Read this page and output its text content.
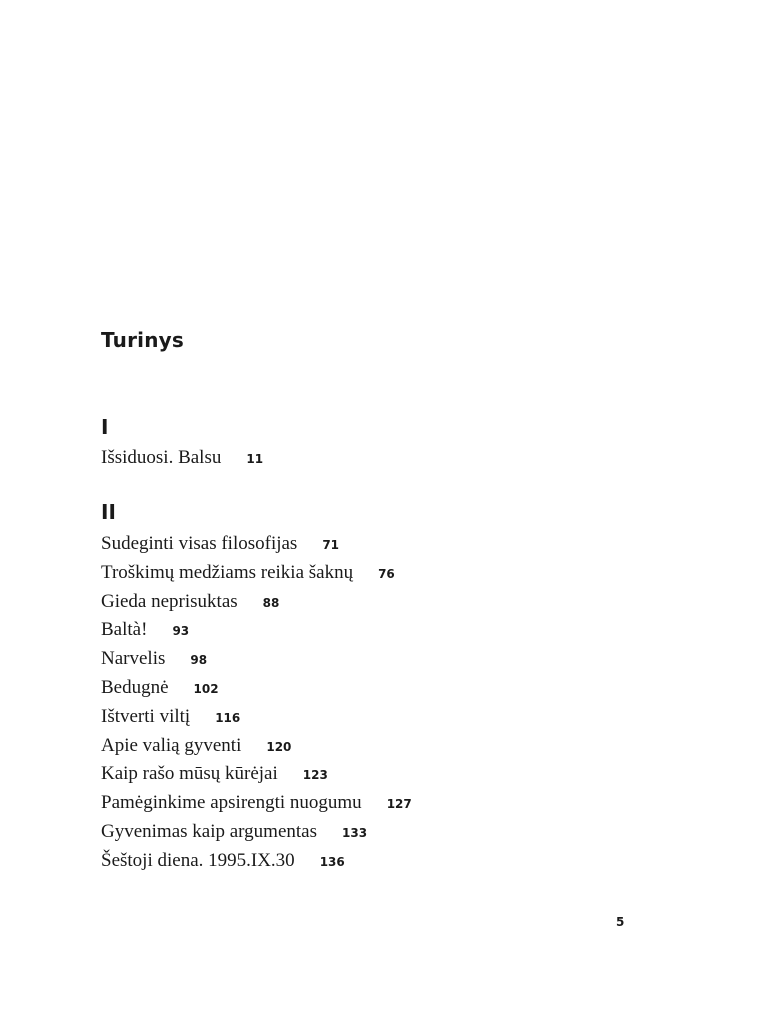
Turinys
I
Išsiduosi. Balsu 11
II
Sudeginti visas filosofijas 71
Troškimų medžiams reikia šaknų 76
Gieda neprisuktas 88
Baltà! 93
Narvelis 98
Bedugnė 102
Ištverti viltį 116
Apie valią gyventi 120
Kaip rašo mūsų kūrėjai 123
Pamėginkime apsirengti nuogumu 127
Gyvenimas kaip argumentas 133
Šeštoji diena. 1995.IX.30 136
5
